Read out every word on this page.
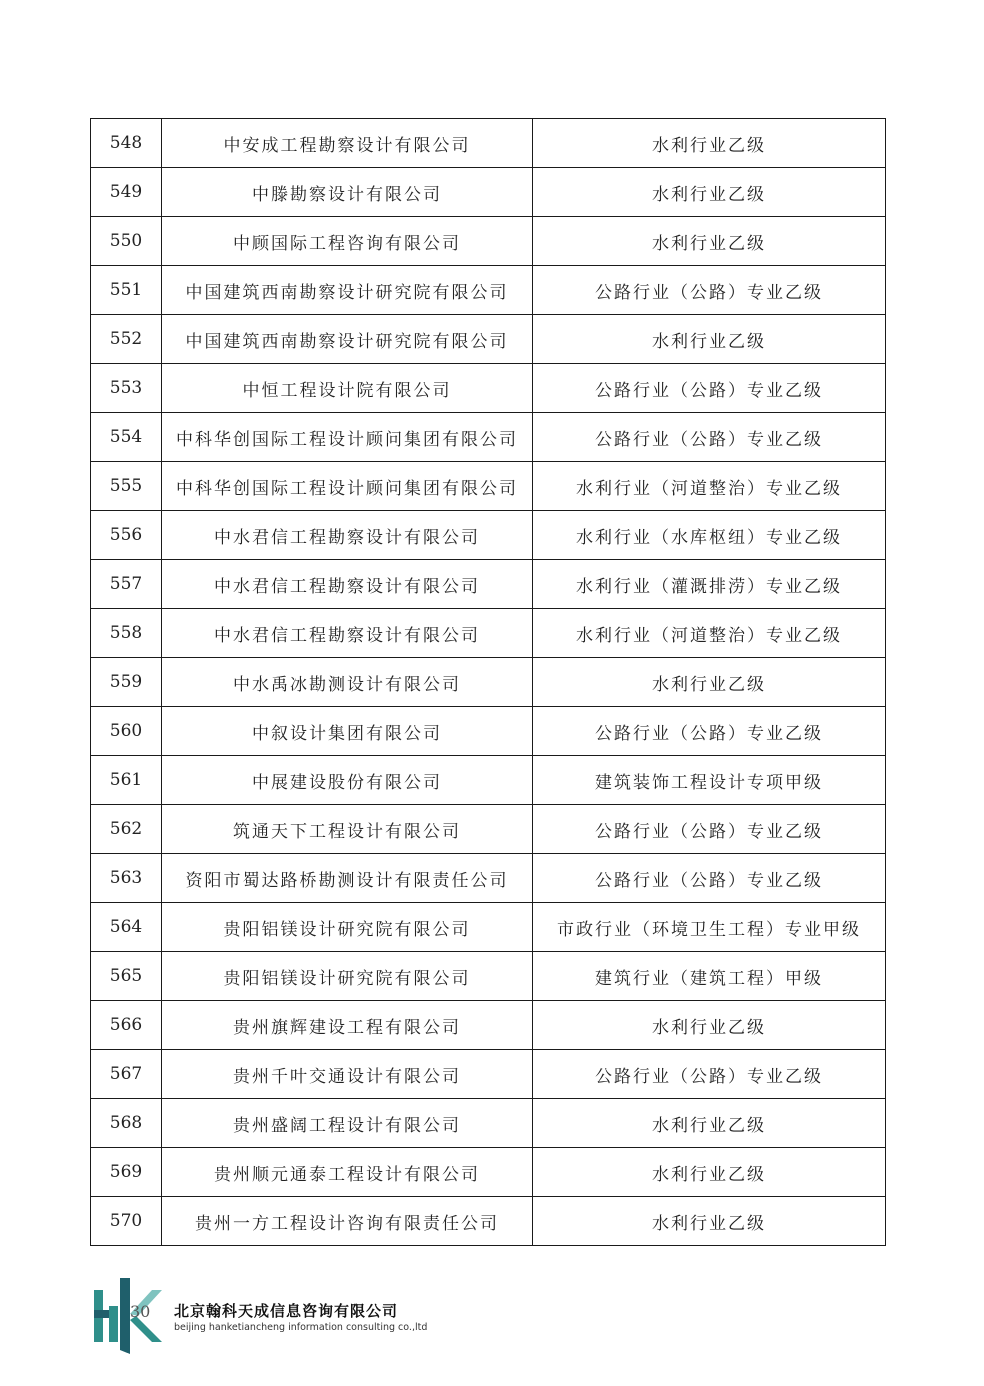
548	中安成工程勘察设计有限公司	水利行业乙级
549	中滕勘察设计有限公司	水利行业乙级
550	中顾国际工程咨询有限公司	水利行业乙级
551	中国建筑西南勘察设计研究院有限公司	公路行业（公路）专业乙级
552	中国建筑西南勘察设计研究院有限公司	水利行业乙级
553	中恒工程设计院有限公司	公路行业（公路）专业乙级
554	中科华创国际工程设计顾问集团有限公司	公路行业（公路）专业乙级
555	中科华创国际工程设计顾问集团有限公司	水利行业（河道整治）专业乙级
556	中水君信工程勘察设计有限公司	水利行业（水库枢纽）专业乙级
557	中水君信工程勘察设计有限公司	水利行业（灌溉排涝）专业乙级
558	中水君信工程勘察设计有限公司	水利行业（河道整治）专业乙级
559	中水禹冰勘测设计有限公司	水利行业乙级
560	中叙设计集团有限公司	公路行业（公路）专业乙级
561	中展建设股份有限公司	建筑装饰工程设计专项甲级
562	筑通天下工程设计有限公司	公路行业（公路）专业乙级
563	资阳市蜀达路桥勘测设计有限责任公司	公路行业（公路）专业乙级
564	贵阳铝镁设计研究院有限公司	市政行业（环境卫生工程）专业甲级
565	贵阳铝镁设计研究院有限公司	建筑行业（建筑工程）甲级
566	贵州旗辉建设工程有限公司	水利行业乙级
567	贵州千叶交通设计有限公司	公路行业（公路）专业乙级
568	贵州盛阔工程设计有限公司	水利行业乙级
569	贵州顺元通泰工程设计有限公司	水利行业乙级
570	贵州一方工程设计咨询有限责任公司	水利行业乙级
30 北京翰科天成信息咨询有限公司
beijing hanketiancheng information consulting co.,ltd
